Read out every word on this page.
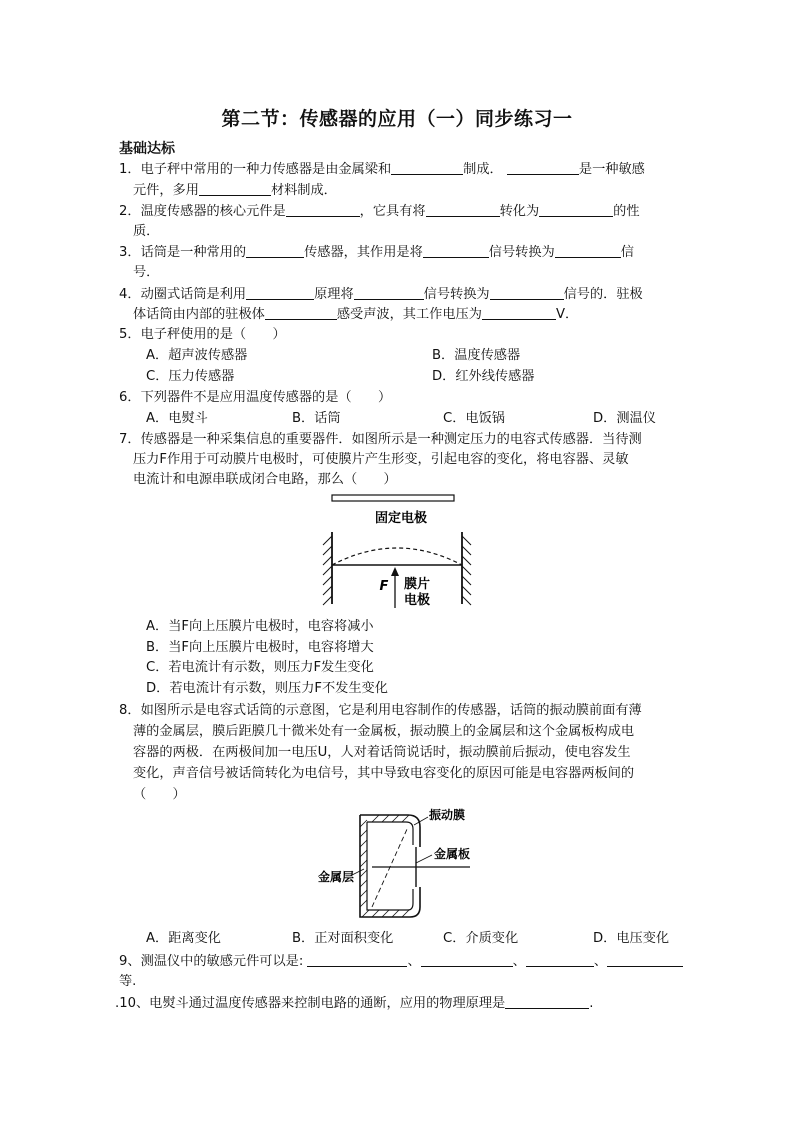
第二节：传感器的应用（一）同步练习一
基础达标
1．电子秤中常用的一种力传感器是由金属梁和	制成．	是一种敏感
元件，多用	材料制成．
2．温度传感器的核心元件是	，它具有将	转化为	的性
质．
3．话筒是一种常用的	传感器，其作用是将	信号转换为	信
号．
4．动圈式话筒是利用	原理将	信号转换为	信号的．驻极
体话筒由内部的驻极体	感受声波，其工作电压为	V．
5．电子秤使用的是（　　）
A．超声波传感器	B．温度传感器
C．压力传感器	D．红外线传感器
6．下列器件不是应用温度传感器的是（　　）
A．电熨斗	B．话筒	C．电饭锅	D．测温仪
7．传感器是一种采集信息的重要器件．如图所示是一种测定压力的电容式传感器．当待测
压力F作用于可动膜片电极时，可使膜片产生形变，引起电容的变化，将电容器、灵敏
电流计和电源串联成闭合电路，那么（　　）
固定电极
F 膜片
电极
A．当F向上压膜片电极时，电容将减小
B．当F向上压膜片电极时，电容将增大
C．若电流计有示数，则压力F发生变化
D．若电流计有示数，则压力F不发生变化
8．如图所示是电容式话筒的示意图，它是利用电容制作的传感器，话筒的振动膜前面有薄
薄的金属层，膜后距膜几十微米处有一金属板，振动膜上的金属层和这个金属板构成电
容器的两极．在两极间加一电压U，人对着话筒说话时，振动膜前后振动，使电容发生
变化，声音信号被话筒转化为电信号，其中导致电容变化的原因可能是电容器两板间的
（　　）
振动膜
金属板
金属层
A．距离变化	B．正对面积变化	C．介质变化	D．电压变化
9、测温仪中的敏感元件可以是:	、	、	、
等.
.10、电熨斗通过温度传感器来控制电路的通断，应用的物理原理是	.
